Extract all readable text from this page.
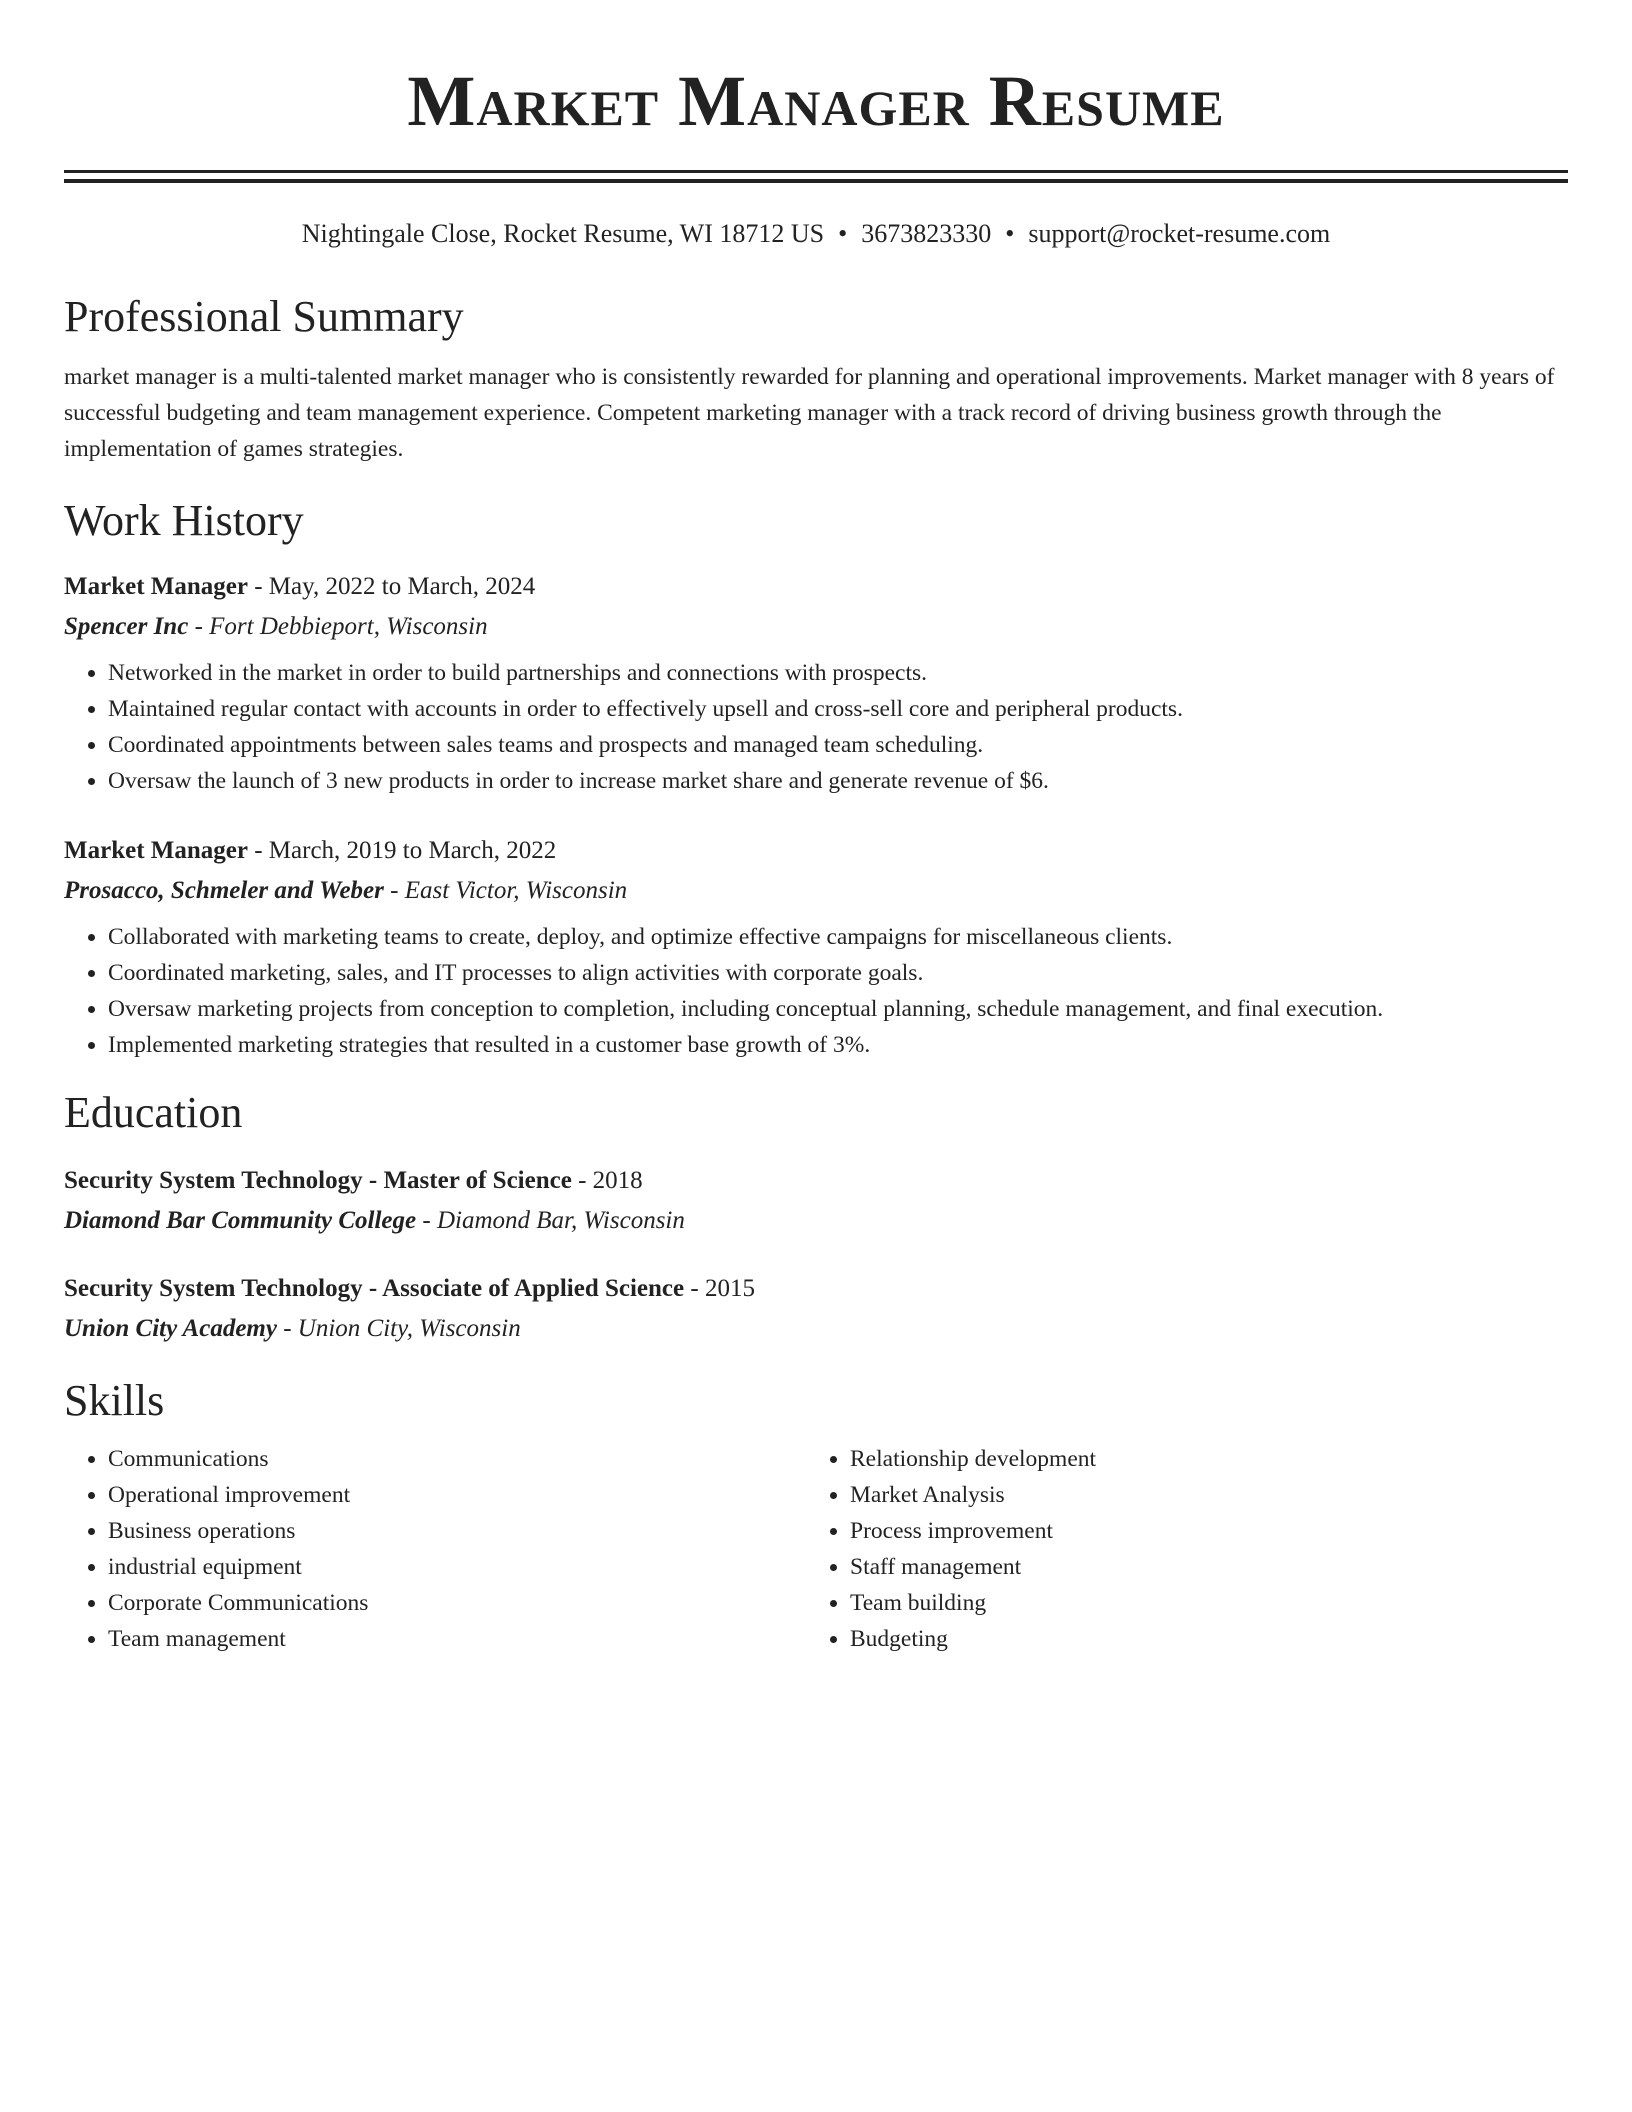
Market Manager Resume
Nightingale Close, Rocket Resume, WI 18712 US • 3673823330 • support@rocket-resume.com
Professional Summary
market manager is a multi-talented market manager who is consistently rewarded for planning and operational improvements. Market manager with 8 years of successful budgeting and team management experience. Competent marketing manager with a track record of driving business growth through the implementation of games strategies.
Work History
Market Manager - May, 2022 to March, 2024
Spencer Inc - Fort Debbieport, Wisconsin
• Networked in the market in order to build partnerships and connections with prospects.
• Maintained regular contact with accounts in order to effectively upsell and cross-sell core and peripheral products.
• Coordinated appointments between sales teams and prospects and managed team scheduling.
• Oversaw the launch of 3 new products in order to increase market share and generate revenue of $6.
Market Manager - March, 2019 to March, 2022
Prosacco, Schmeler and Weber - East Victor, Wisconsin
• Collaborated with marketing teams to create, deploy, and optimize effective campaigns for miscellaneous clients.
• Coordinated marketing, sales, and IT processes to align activities with corporate goals.
• Oversaw marketing projects from conception to completion, including conceptual planning, schedule management, and final execution.
• Implemented marketing strategies that resulted in a customer base growth of 3%.
Education
Security System Technology - Master of Science - 2018
Diamond Bar Community College - Diamond Bar, Wisconsin
Security System Technology - Associate of Applied Science - 2015
Union City Academy - Union City, Wisconsin
Skills
• Communications
• Operational improvement
• Business operations
• industrial equipment
• Corporate Communications
• Team management
• Relationship development
• Market Analysis
• Process improvement
• Staff management
• Team building
• Budgeting
